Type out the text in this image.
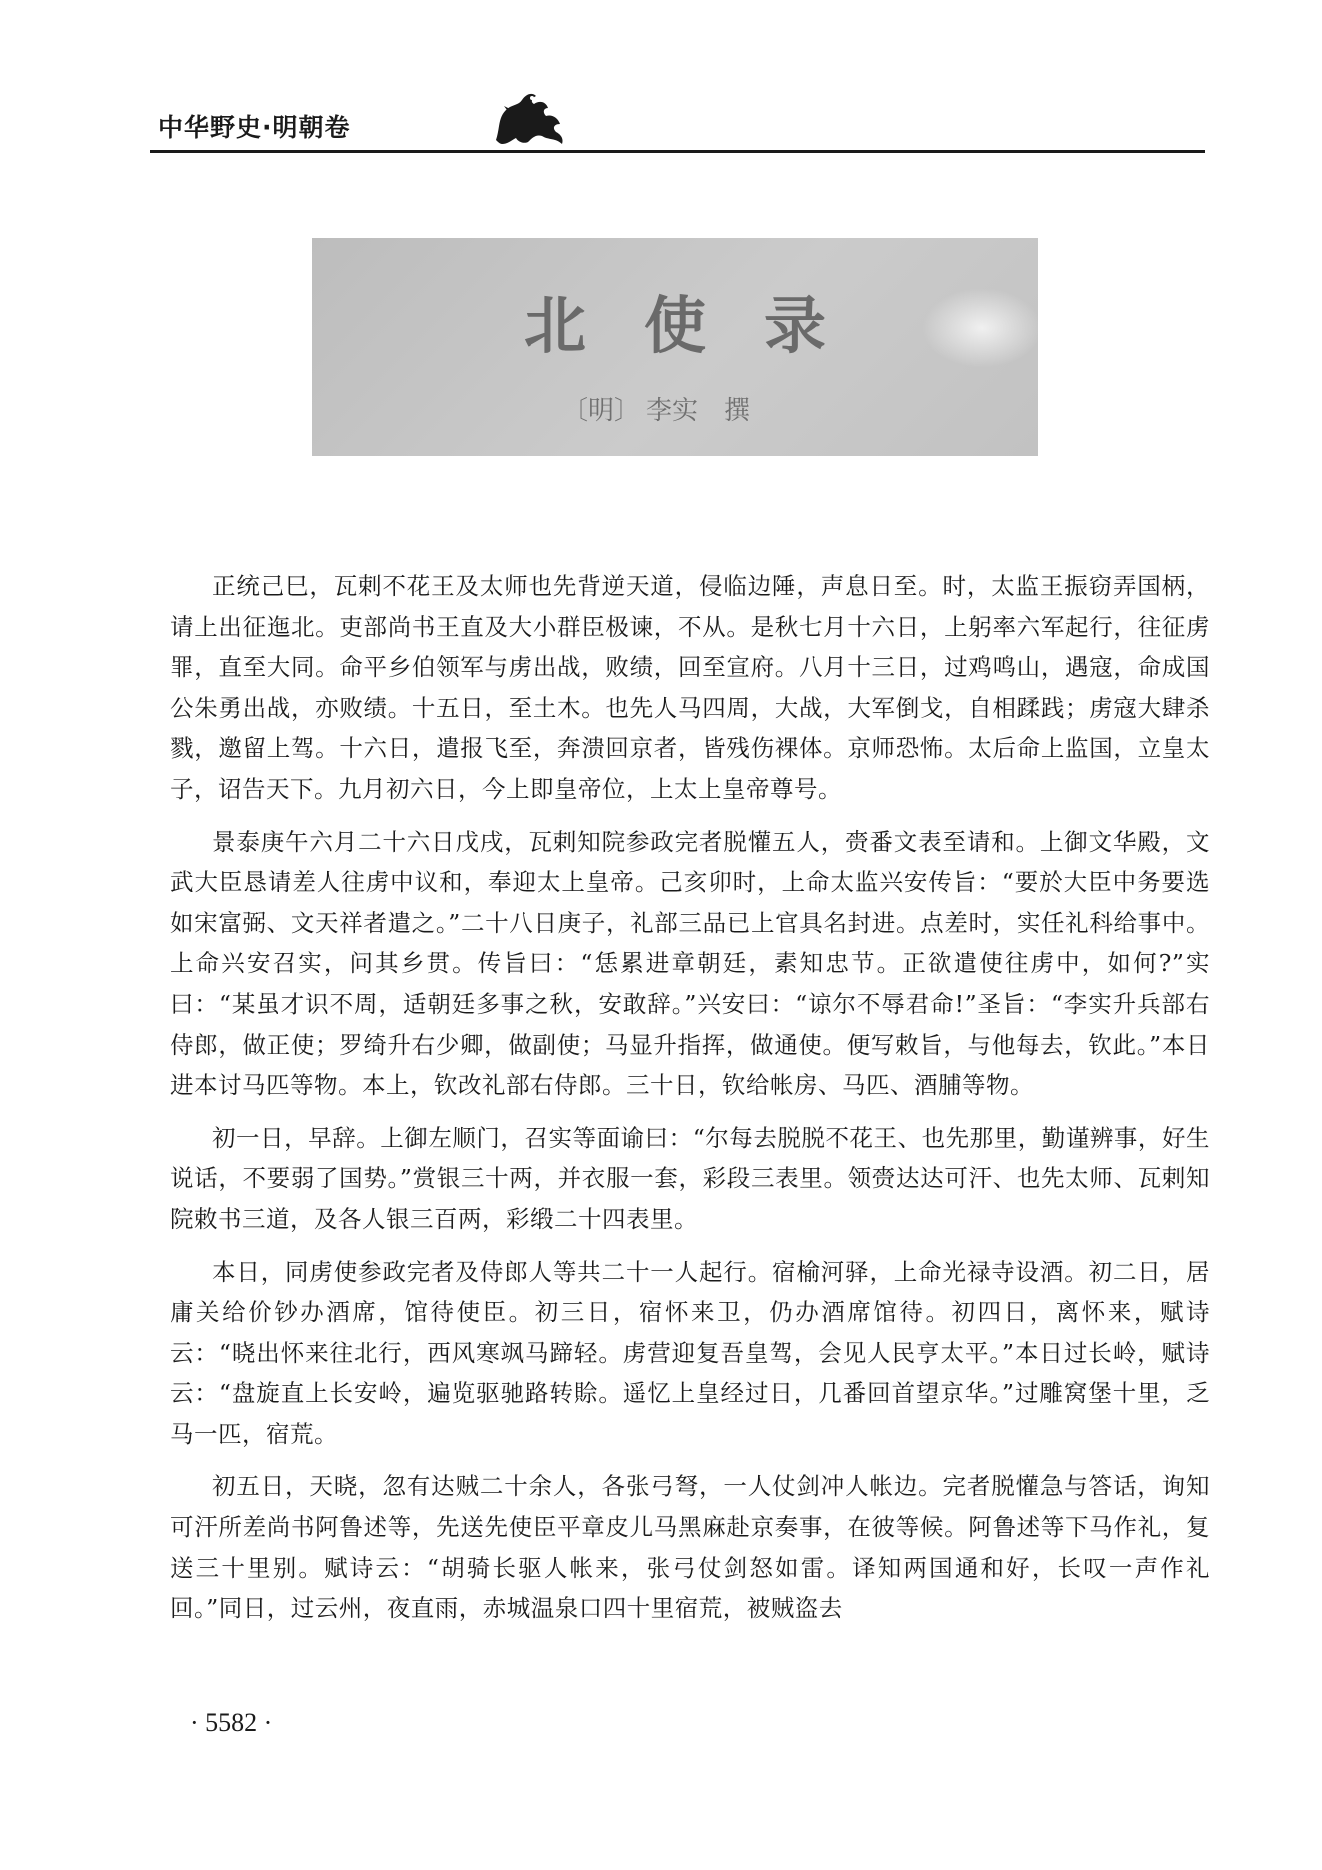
中华野史·明朝卷
北使录
〔明〕 李实 撰

正统己巳，瓦剌不花王及太师也先背逆天道，侵临边陲，声息日至。时，太监王振窃弄国柄，请上出征迤北。吏部尚书王直及大小群臣极谏，不从。是秋七月十六日，上躬率六军起行，往征虏罪，直至大同。命平乡伯领军与虏出战，败绩，回至宣府。八月十三日，过鸡鸣山，遇寇，命成国公朱勇出战，亦败绩。十五日，至土木。也先人马四周，大战，大军倒戈，自相蹂践；虏寇大肆杀戮，邀留上驾。十六日，遣报飞至，奔溃回京者，皆残伤裸体。京师恐怖。太后命上监国，立皇太子，诏告天下。九月初六日，今上即皇帝位，上太上皇帝尊号。

景泰庚午六月二十六日戊戌，瓦剌知院参政完者脱懽五人，赍番文表至请和。上御文华殿，文武大臣恳请差人往虏中议和，奉迎太上皇帝。己亥卯时，上命太监兴安传旨：“要於大臣中务要选如宋富弼、文天祥者遣之。”二十八日庚子，礼部三品已上官具名封进。点差时，实任礼科给事中。上命兴安召实，问其乡贯。传旨曰：“恁累进章朝廷，素知忠节。正欲遣使往虏中，如何?”实曰：“某虽才识不周，适朝廷多事之秋，安敢辞。”兴安曰：“谅尔不辱君命!”圣旨：“李实升兵部右侍郎，做正使；罗绮升右少卿，做副使；马显升指挥，做通使。便写敕旨，与他每去，钦此。”本日进本讨马匹等物。本上，钦改礼部右侍郎。三十日，钦给帐房、马匹、酒脯等物。

初一日，早辞。上御左顺门，召实等面谕曰：“尔每去脱脱不花王、也先那里，勤谨辨事，好生说话，不要弱了国势。”赏银三十两，并衣服一套，彩段三表里。领赍达达可汗、也先太师、瓦剌知院敕书三道，及各人银三百两，彩缎二十四表里。

本日，同虏使参政完者及侍郎人等共二十一人起行。宿榆河驿，上命光禄寺设酒。初二日，居庸关给价钞办酒席，馆待使臣。初三日，宿怀来卫，仍办酒席馆待。初四日，离怀来，赋诗云：“晓出怀来往北行，西风寒飒马蹄轻。虏营迎复吾皇驾，会见人民亨太平。”本日过长岭，赋诗云：“盘旋直上长安岭，遍览驱驰路转賒。遥忆上皇经过日，几番回首望京华。”过雕窝堡十里，乏马一匹，宿荒。

初五日，天晓，忽有达贼二十余人，各张弓弩，一人仗剑冲人帐边。完者脱懽急与答话，询知可汗所差尚书阿鲁述等，先送先使臣平章皮儿马黑麻赴京奏事，在彼等候。阿鲁述等下马作礼，复送三十里别。赋诗云：“胡骑长驱人帐来，张弓仗剑怒如雷。译知两国通和好，长叹一声作礼回。”同日，过云州，夜直雨，赤城温泉口四十里宿荒，被贼盗去

· 5582 ·
